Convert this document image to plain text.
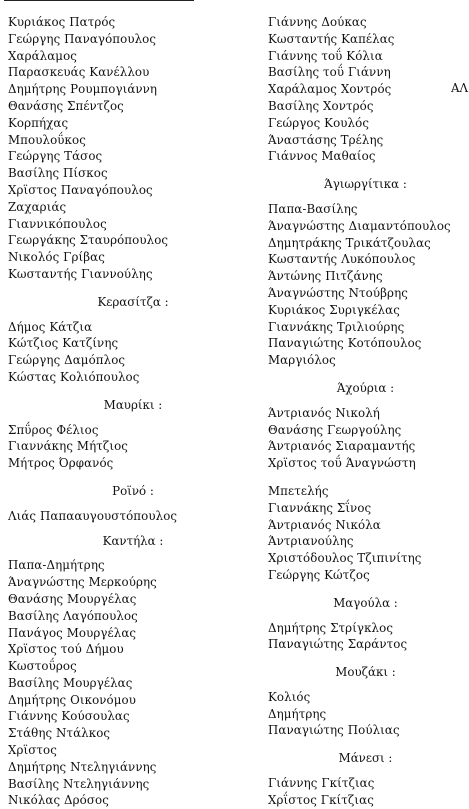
Κυριάκος Πατρός
Γεώργης Παναγόπουλος
Χαράλαμος
Παρασκευάς Κανέλλου
Δημήτρης Ρουμπογιάννη
Θανάσης Σπέντζος
Κορπήχας
Μπουλοΰκος
Γεώργης Τάσος
Βασίλης Πίσκος
Χρϊστος Παναγόπουλος
Ζαχαριάς
Γιαννικόπουλος
Γεωργάκης Σταυρόπουλος
Νικολός Γρίβας
Κωσταντής Γιαννούλης
Κερασίτζα :
Δήμος Κάτζια
Κώτζιος Κατζίνης
Γεώργης Δαμόπλος
Κώστας Κολιόπουλος
Μαυρίκι :
Σπΰρος Φέλιος
Γιαννάκης Μήτζιος
Μήτρος Όρφανός
Ροϊνό :
Λιάς Παπααυγουστόπουλος
Καντήλα :
Παπα-Δημήτρης
Άναγνώστης Μερκούρης
Θανάσης Μουργέλας
Βασίλης Λαγόπουλος
Πανάγος Μουργέλας
Χρϊστος τού Δήμου
Κωστοΰρος
Βασίλης Μουργέλας
Δημήτρης Οικονόμου
Γιάννης Κούσουλας
Στάθης Ντάλκος
Χρϊστος
Δημήτρης Ντεληγιάννης
Βασίλης Ντεληγιάννης
Νικόλας Δρόσος
Γιάννης Δούκας
Κωσταντής Καπέλας
Γιάννης τοΰ Κόλια
Βασίλης τοΰ Γιάννη
Χαράλαμος Χοντρός
Βασίλης Χοντρός
Γεώργος Κουλός
Άναστάσης Τρέλης
Γιάννος Μαθαίος
Άγιωργίτικα :
Παπα-Βασίλης
Άναγνώστης Διαμαντόπουλος
Δημητράκης Τρικάτζουλας
Κωσταντής Λυκόπουλος
Άντώνης Πιτζάνης
Άναγνώστης Ντούβρης
Κυριάκος Συριγκέλας
Γιαννάκης Τριλιούρης
Παναγιώτης Κοτόπουλος
Μαργιόλος
Άχούρια :
Άντριανός Νικολή
Θανάσης Γεωργούλης
Άντριανός Σιαραμαντής
Χρϊστος τοΰ Άναγνώστη
Μπετελής
Γιαννάκης Σΐνος
Άντριανός Νικόλα
Άντριανούλης
Χριστόδουλος Τζιπινίτης
Γεώργης Κώτζος
Μαγούλα :
Δημήτρης Στρίγκλος
Παναγιώτης Σαράντος
Μουζάκι :
Κολιός
Δημήτρης
Παναγιώτης Πούλιας
Μάνεσι :
Γιάννης Γκίτζιας
Χρΐστος Γκίτζιας
ΑΛ
